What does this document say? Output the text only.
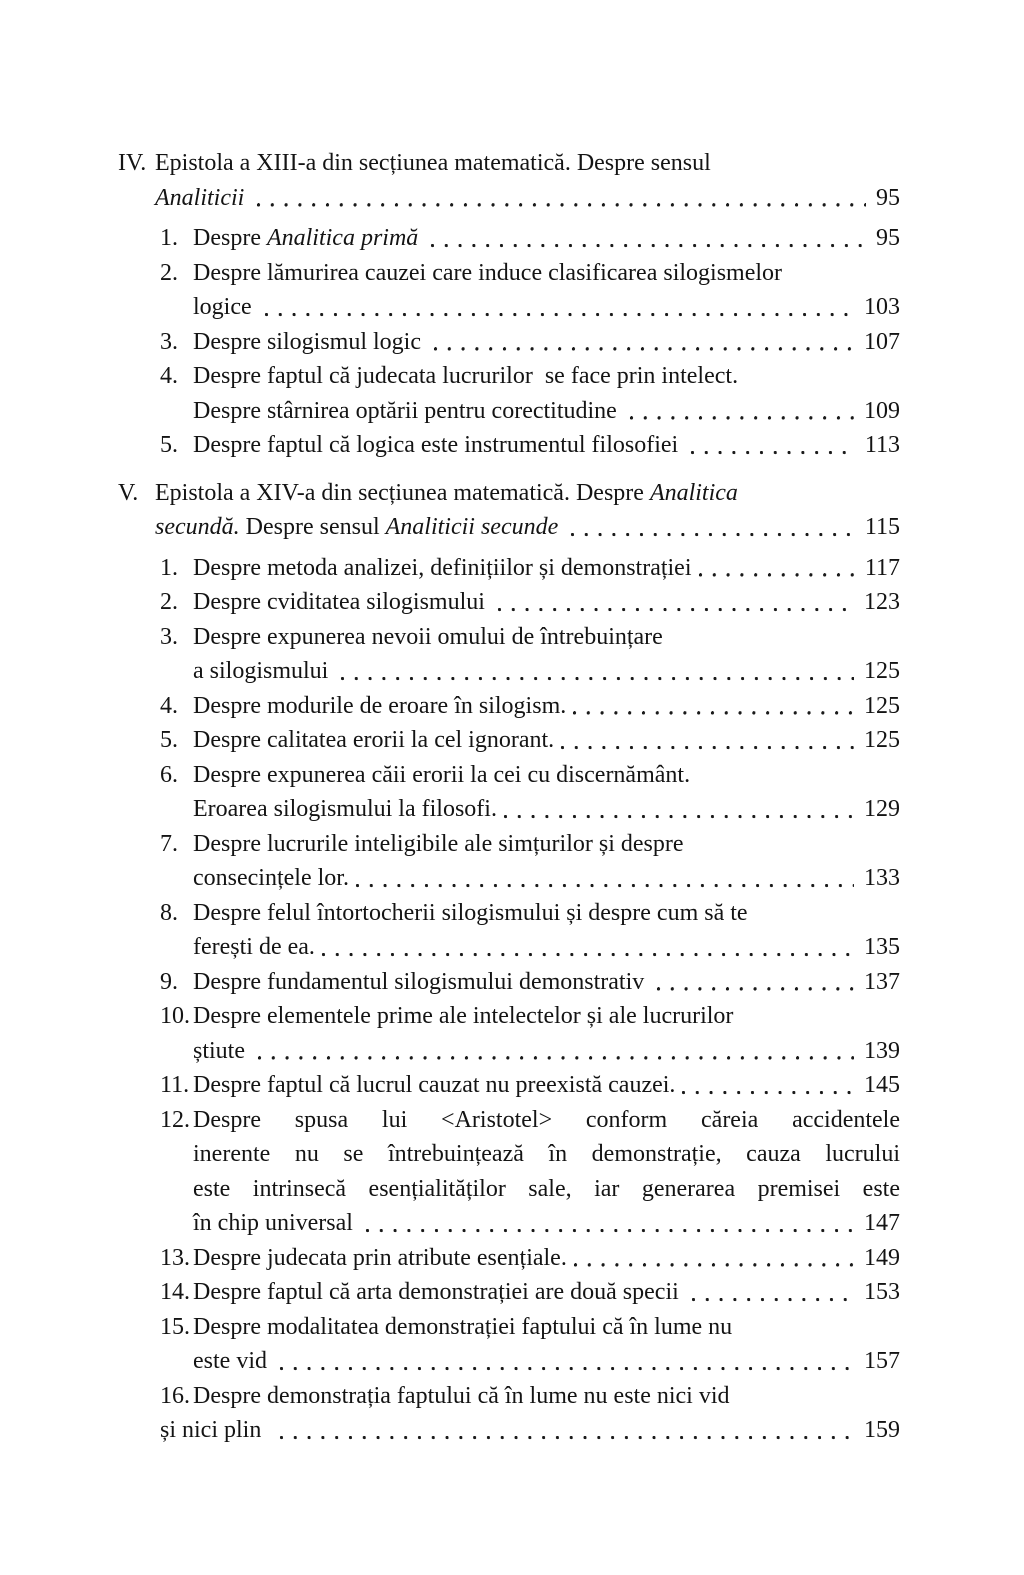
IV. Epistola a XIII-a din secțiunea matematică. Despre sensul
Analiticii	95
1. Despre Analitica primă	95
2. Despre lămurirea cauzei care induce clasificarea silogismelor
logice	103
3. Despre silogismul logic	107
4. Despre faptul că judecata lucrurilor  se face prin intelect.
Despre stârnirea optării pentru corectitudine	109
5. Despre faptul că logica este instrumentul filosofiei	113
V. Epistola a XIV-a din secțiunea matematică. Despre Analitica
secundă. Despre sensul Analiticii secunde	115
1. Despre metoda analizei, definițiilor și demonstrației	117
2. Despre cviditatea silogismului	123
3. Despre expunerea nevoii omului de întrebuințare
a silogismului	125
4. Despre modurile de eroare în silogism.	125
5. Despre calitatea erorii la cel ignorant.	125
6. Despre expunerea căii erorii la cei cu discernământ.
Eroarea silogismului la filosofi.	129
7. Despre lucrurile inteligibile ale simțurilor și despre
consecințele lor.	133
8. Despre felul întortocherii silogismului și despre cum să te
ferești de ea.	135
9. Despre fundamentul silogismului demonstrativ	137
10. Despre elementele prime ale intelectelor și ale lucrurilor
știute	139
11. Despre faptul că lucrul cauzat nu preexistă cauzei.	145
12. Despre spusa lui <Aristotel> conform căreia accidentele
inerente nu se întrebuințează în demonstrație, cauza lucrului
este intrinsecă esențialităților sale, iar generarea premisei este
în chip universal	147
13. Despre judecata prin atribute esențiale.	149
14. Despre faptul că arta demonstrației are două specii	153
15. Despre modalitatea demonstrației faptului că în lume nu
este vid	157
16. Despre demonstrația faptului că în lume nu este nici vid
și nici plin	159
